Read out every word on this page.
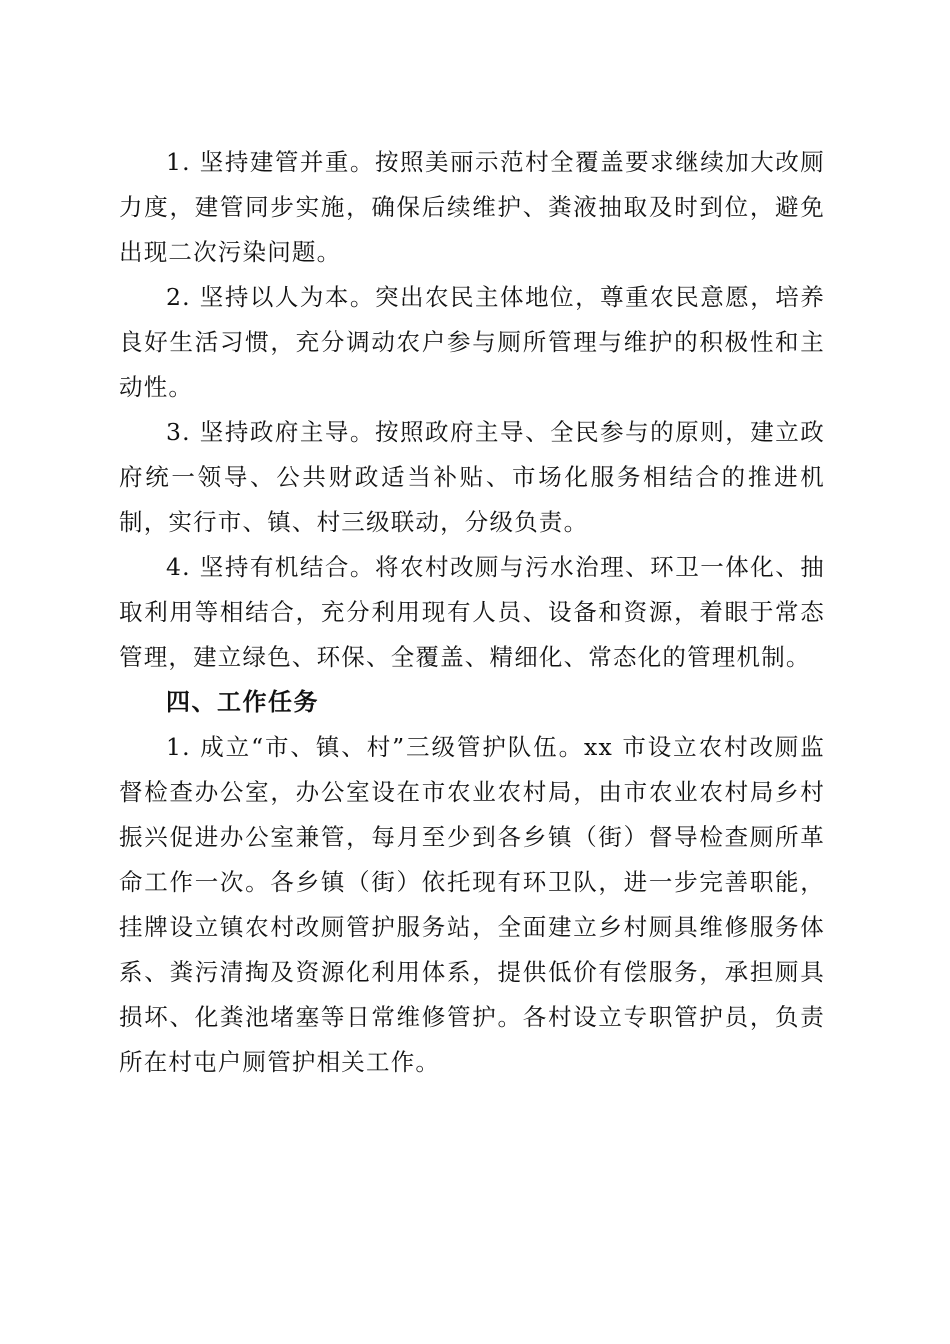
1. 坚持建管并重。按照美丽示范村全覆盖要求继续加大改厕力度，建管同步实施，确保后续维护、粪液抽取及时到位，避免出现二次污染问题。

2. 坚持以人为本。突出农民主体地位，尊重农民意愿，培养良好生活习惯，充分调动农户参与厕所管理与维护的积极性和主动性。

3. 坚持政府主导。按照政府主导、全民参与的原则，建立政府统一领导、公共财政适当补贴、市场化服务相结合的推进机制，实行市、镇、村三级联动，分级负责。

4. 坚持有机结合。将农村改厕与污水治理、环卫一体化、抽取利用等相结合，充分利用现有人员、设备和资源，着眼于常态管理，建立绿色、环保、全覆盖、精细化、常态化的管理机制。

四、工作任务

1. 成立“市、镇、村”三级管护队伍。xx 市设立农村改厕监督检查办公室，办公室设在市农业农村局，由市农业农村局乡村振兴促进办公室兼管，每月至少到各乡镇（街）督导检查厕所革命工作一次。各乡镇（街）依托现有环卫队，进一步完善职能，挂牌设立镇农村改厕管护服务站，全面建立乡村厕具维修服务体系、粪污清掏及资源化利用体系，提供低价有偿服务，承担厕具损坏、化粪池堵塞等日常维修管护。各村设立专职管护员，负责所在村屯户厕管护相关工作。
